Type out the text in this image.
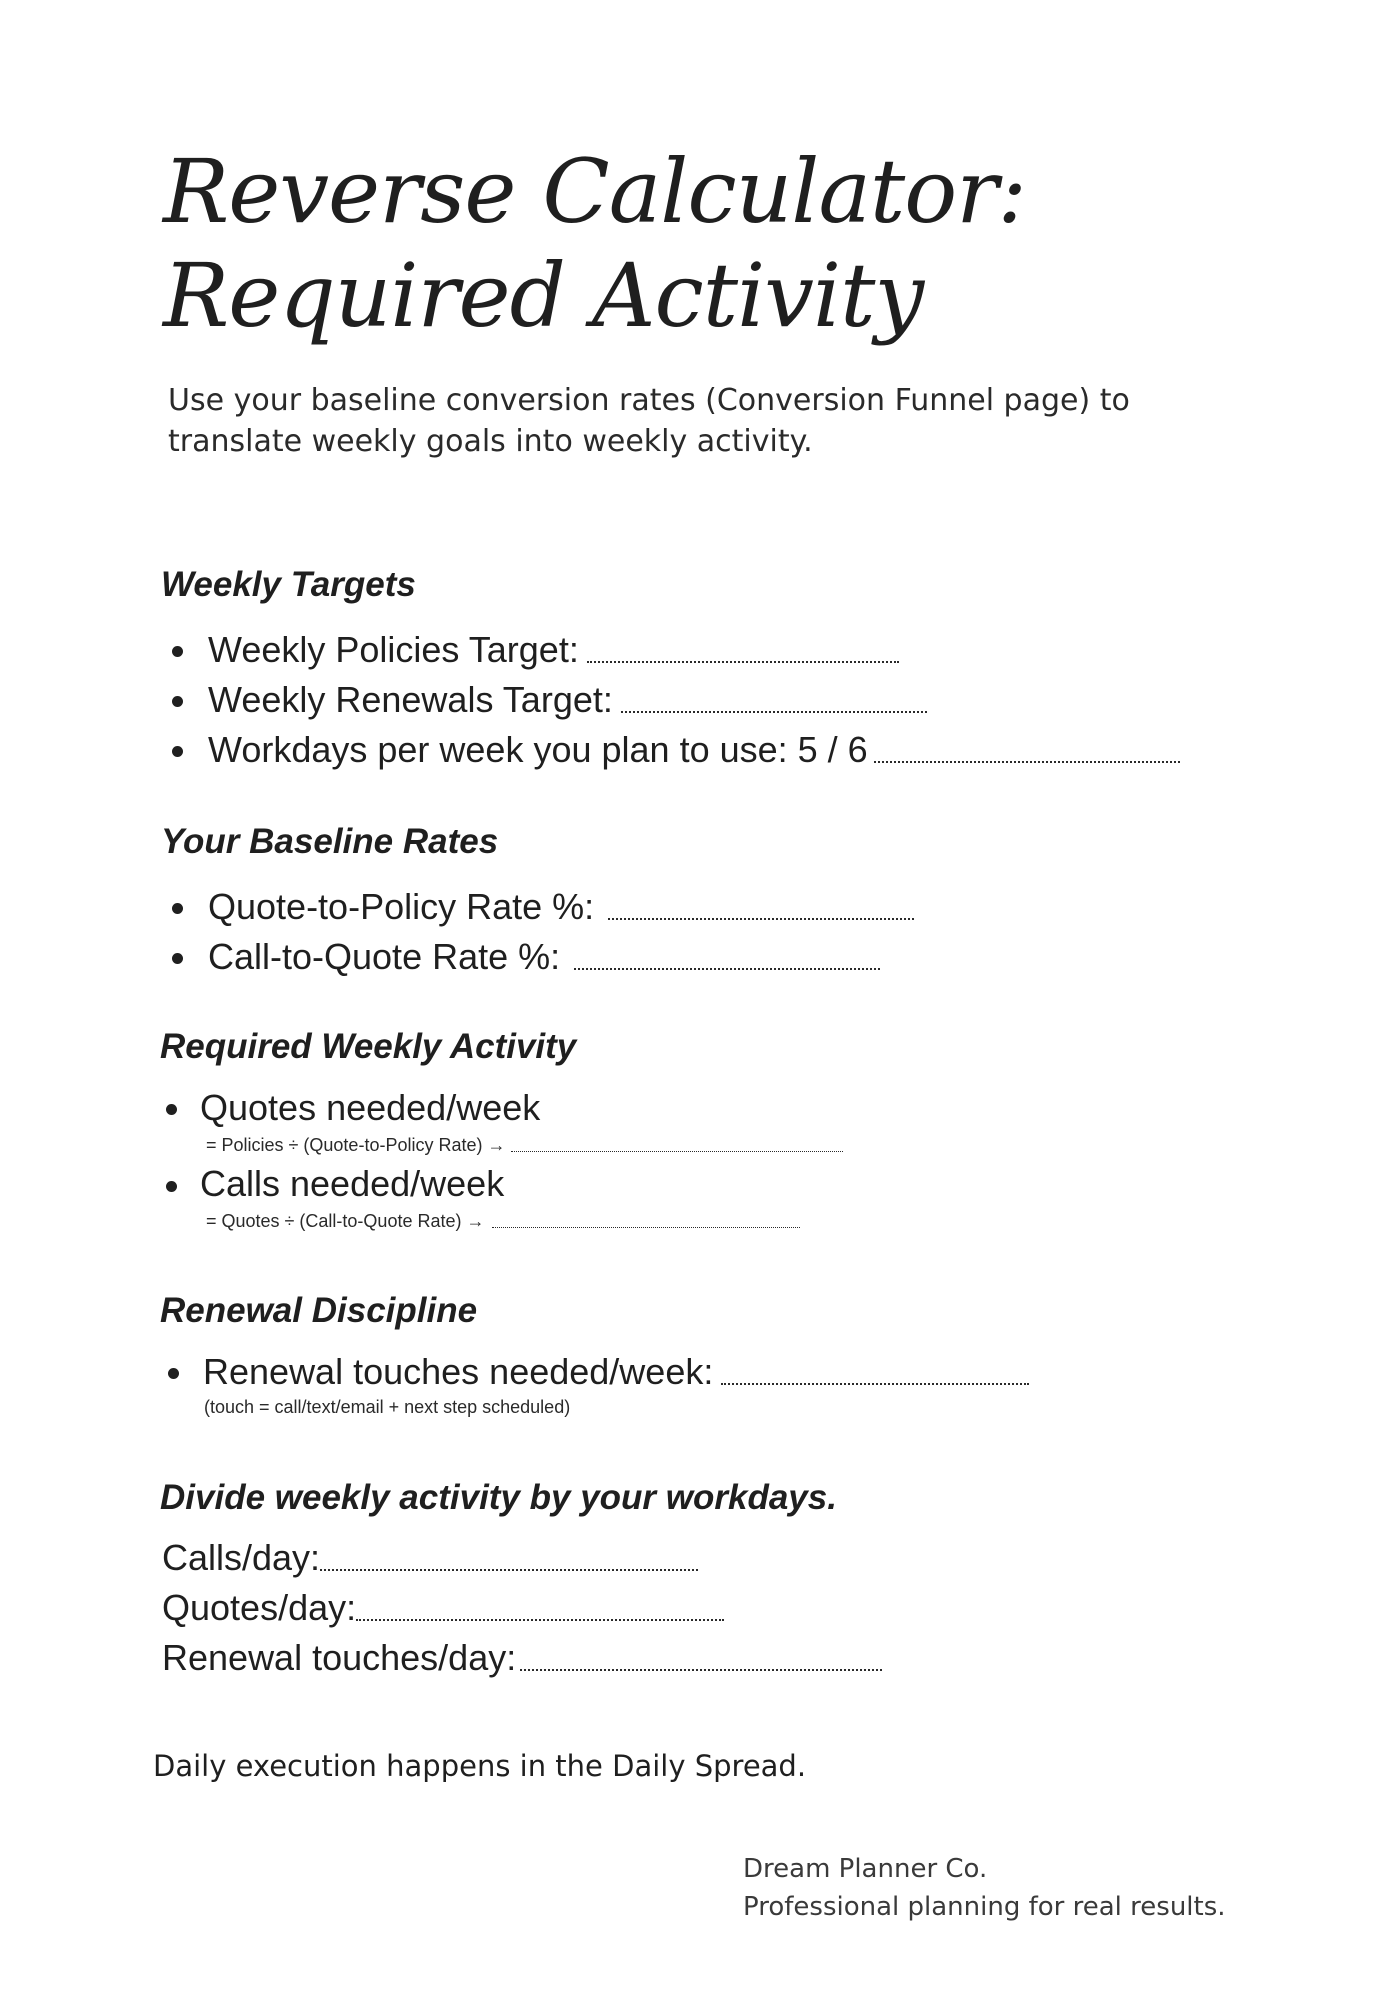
Reverse Calculator:
Required Activity
Use your baseline conversion rates (Conversion Funnel page) to
translate weekly goals into weekly activity.
Weekly Targets
Weekly Policies Target:
Weekly Renewals Target:
Workdays per week you plan to use: 5 / 6
Your Baseline Rates
Quote-to-Policy Rate %:
Call-to-Quote Rate %:
Required Weekly Activity
Quotes needed/week
= Policies ÷ (Quote-to-Policy Rate) →
Calls needed/week
= Quotes ÷ (Call-to-Quote Rate) →
Renewal Discipline
Renewal touches needed/week:
(touch = call/text/email + next step scheduled)
Divide weekly activity by your workdays.
Calls/day:
Quotes/day:
Renewal touches/day:
Daily execution happens in the Daily Spread.
Dream Planner Co.
Professional planning for real results.
